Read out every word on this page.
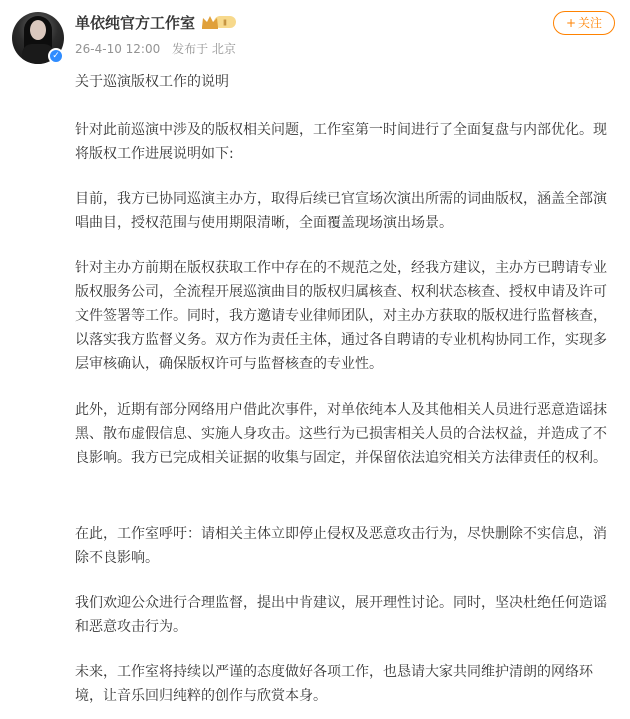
✓
单依纯官方工作室	Ⅱ
26-4-10 12:00 发布于 北京
+ 关注

关于巡演版权工作的说明

针对此前巡演中涉及的版权相关问题，工作室第一时间进行了全面复盘与内部优化。现将版权工作进展说明如下:

目前，我方已协同巡演主办方，取得后续已官宣场次演出所需的词曲版权，涵盖全部演唱曲目，授权范围与使用期限清晰，全面覆盖现场演出场景。

针对主办方前期在版权获取工作中存在的不规范之处，经我方建议，主办方已聘请专业版权服务公司，全流程开展巡演曲目的版权归属核查、权利状态核查、授权申请及许可文件签署等工作。同时，我方邀请专业律师团队，对主办方获取的版权进行监督核查，以落实我方监督义务。双方作为责任主体，通过各自聘请的专业机构协同工作，实现多层审核确认，确保版权许可与监督核查的专业性。

此外，近期有部分网络用户借此次事件，对单依纯本人及其他相关人员进行恶意造谣抹黑、散布虚假信息、实施人身攻击。这些行为已损害相关人员的合法权益，并造成了不良影响。我方已完成相关证据的收集与固定，并保留依法追究相关方法律责任的权利。

在此，工作室呼吁：请相关主体立即停止侵权及恶意攻击行为，尽快删除不实信息，消除不良影响。

我们欢迎公众进行合理监督，提出中肯建议，展开理性讨论。同时，坚决杜绝任何造谣和恶意攻击行为。

未来，工作室将持续以严谨的态度做好各项工作，也恳请大家共同维护清朗的网络环境，让音乐回归纯粹的创作与欣赏本身。
